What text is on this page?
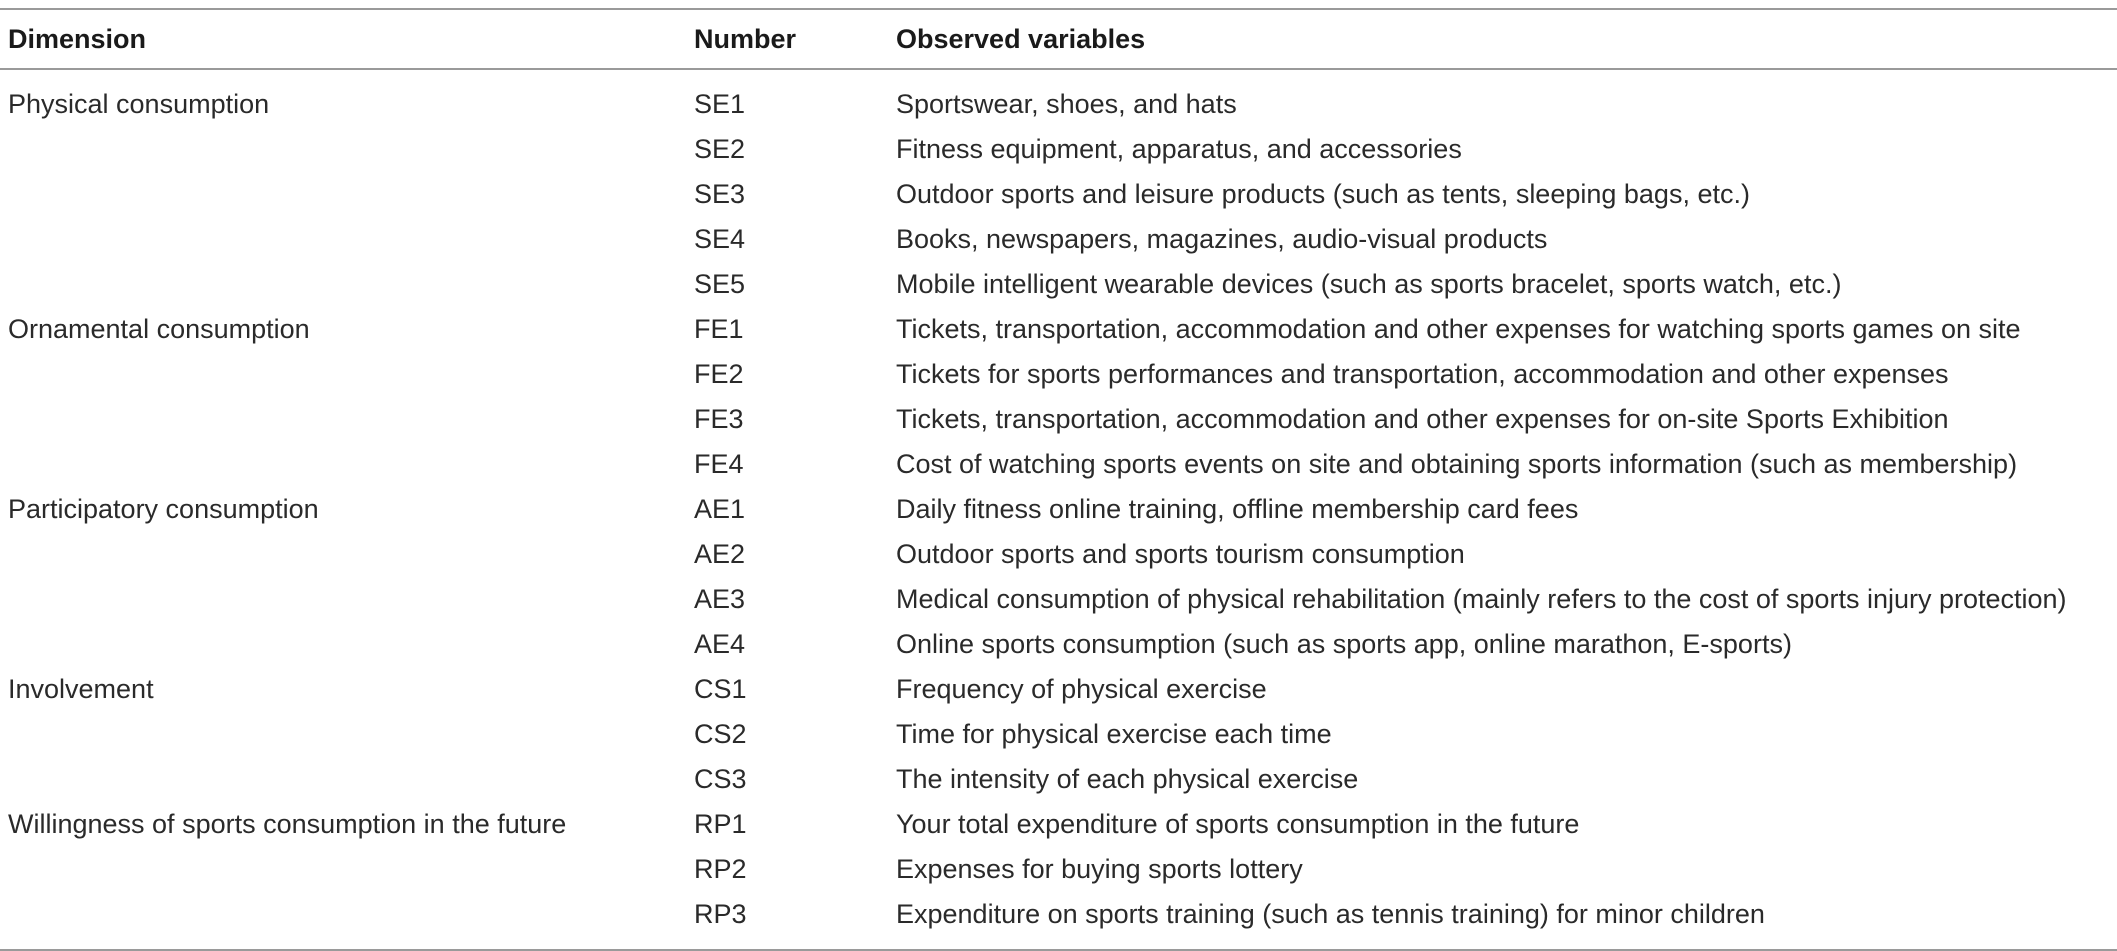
Dimension	Number	Observed variables
Physical consumption	SE1	Sportswear, shoes, and hats
	SE2	Fitness equipment, apparatus, and accessories
	SE3	Outdoor sports and leisure products (such as tents, sleeping bags, etc.)
	SE4	Books, newspapers, magazines, audio-visual products
	SE5	Mobile intelligent wearable devices (such as sports bracelet, sports watch, etc.)
Ornamental consumption	FE1	Tickets, transportation, accommodation and other expenses for watching sports games on site
	FE2	Tickets for sports performances and transportation, accommodation and other expenses
	FE3	Tickets, transportation, accommodation and other expenses for on-site Sports Exhibition
	FE4	Cost of watching sports events on site and obtaining sports information (such as membership)
Participatory consumption	AE1	Daily fitness online training, offline membership card fees
	AE2	Outdoor sports and sports tourism consumption
	AE3	Medical consumption of physical rehabilitation (mainly refers to the cost of sports injury protection)
	AE4	Online sports consumption (such as sports app, online marathon, E-sports)
Involvement	CS1	Frequency of physical exercise
	CS2	Time for physical exercise each time
	CS3	The intensity of each physical exercise
Willingness of sports consumption in the future	RP1	Your total expenditure of sports consumption in the future
	RP2	Expenses for buying sports lottery
	RP3	Expenditure on sports training (such as tennis training) for minor children
